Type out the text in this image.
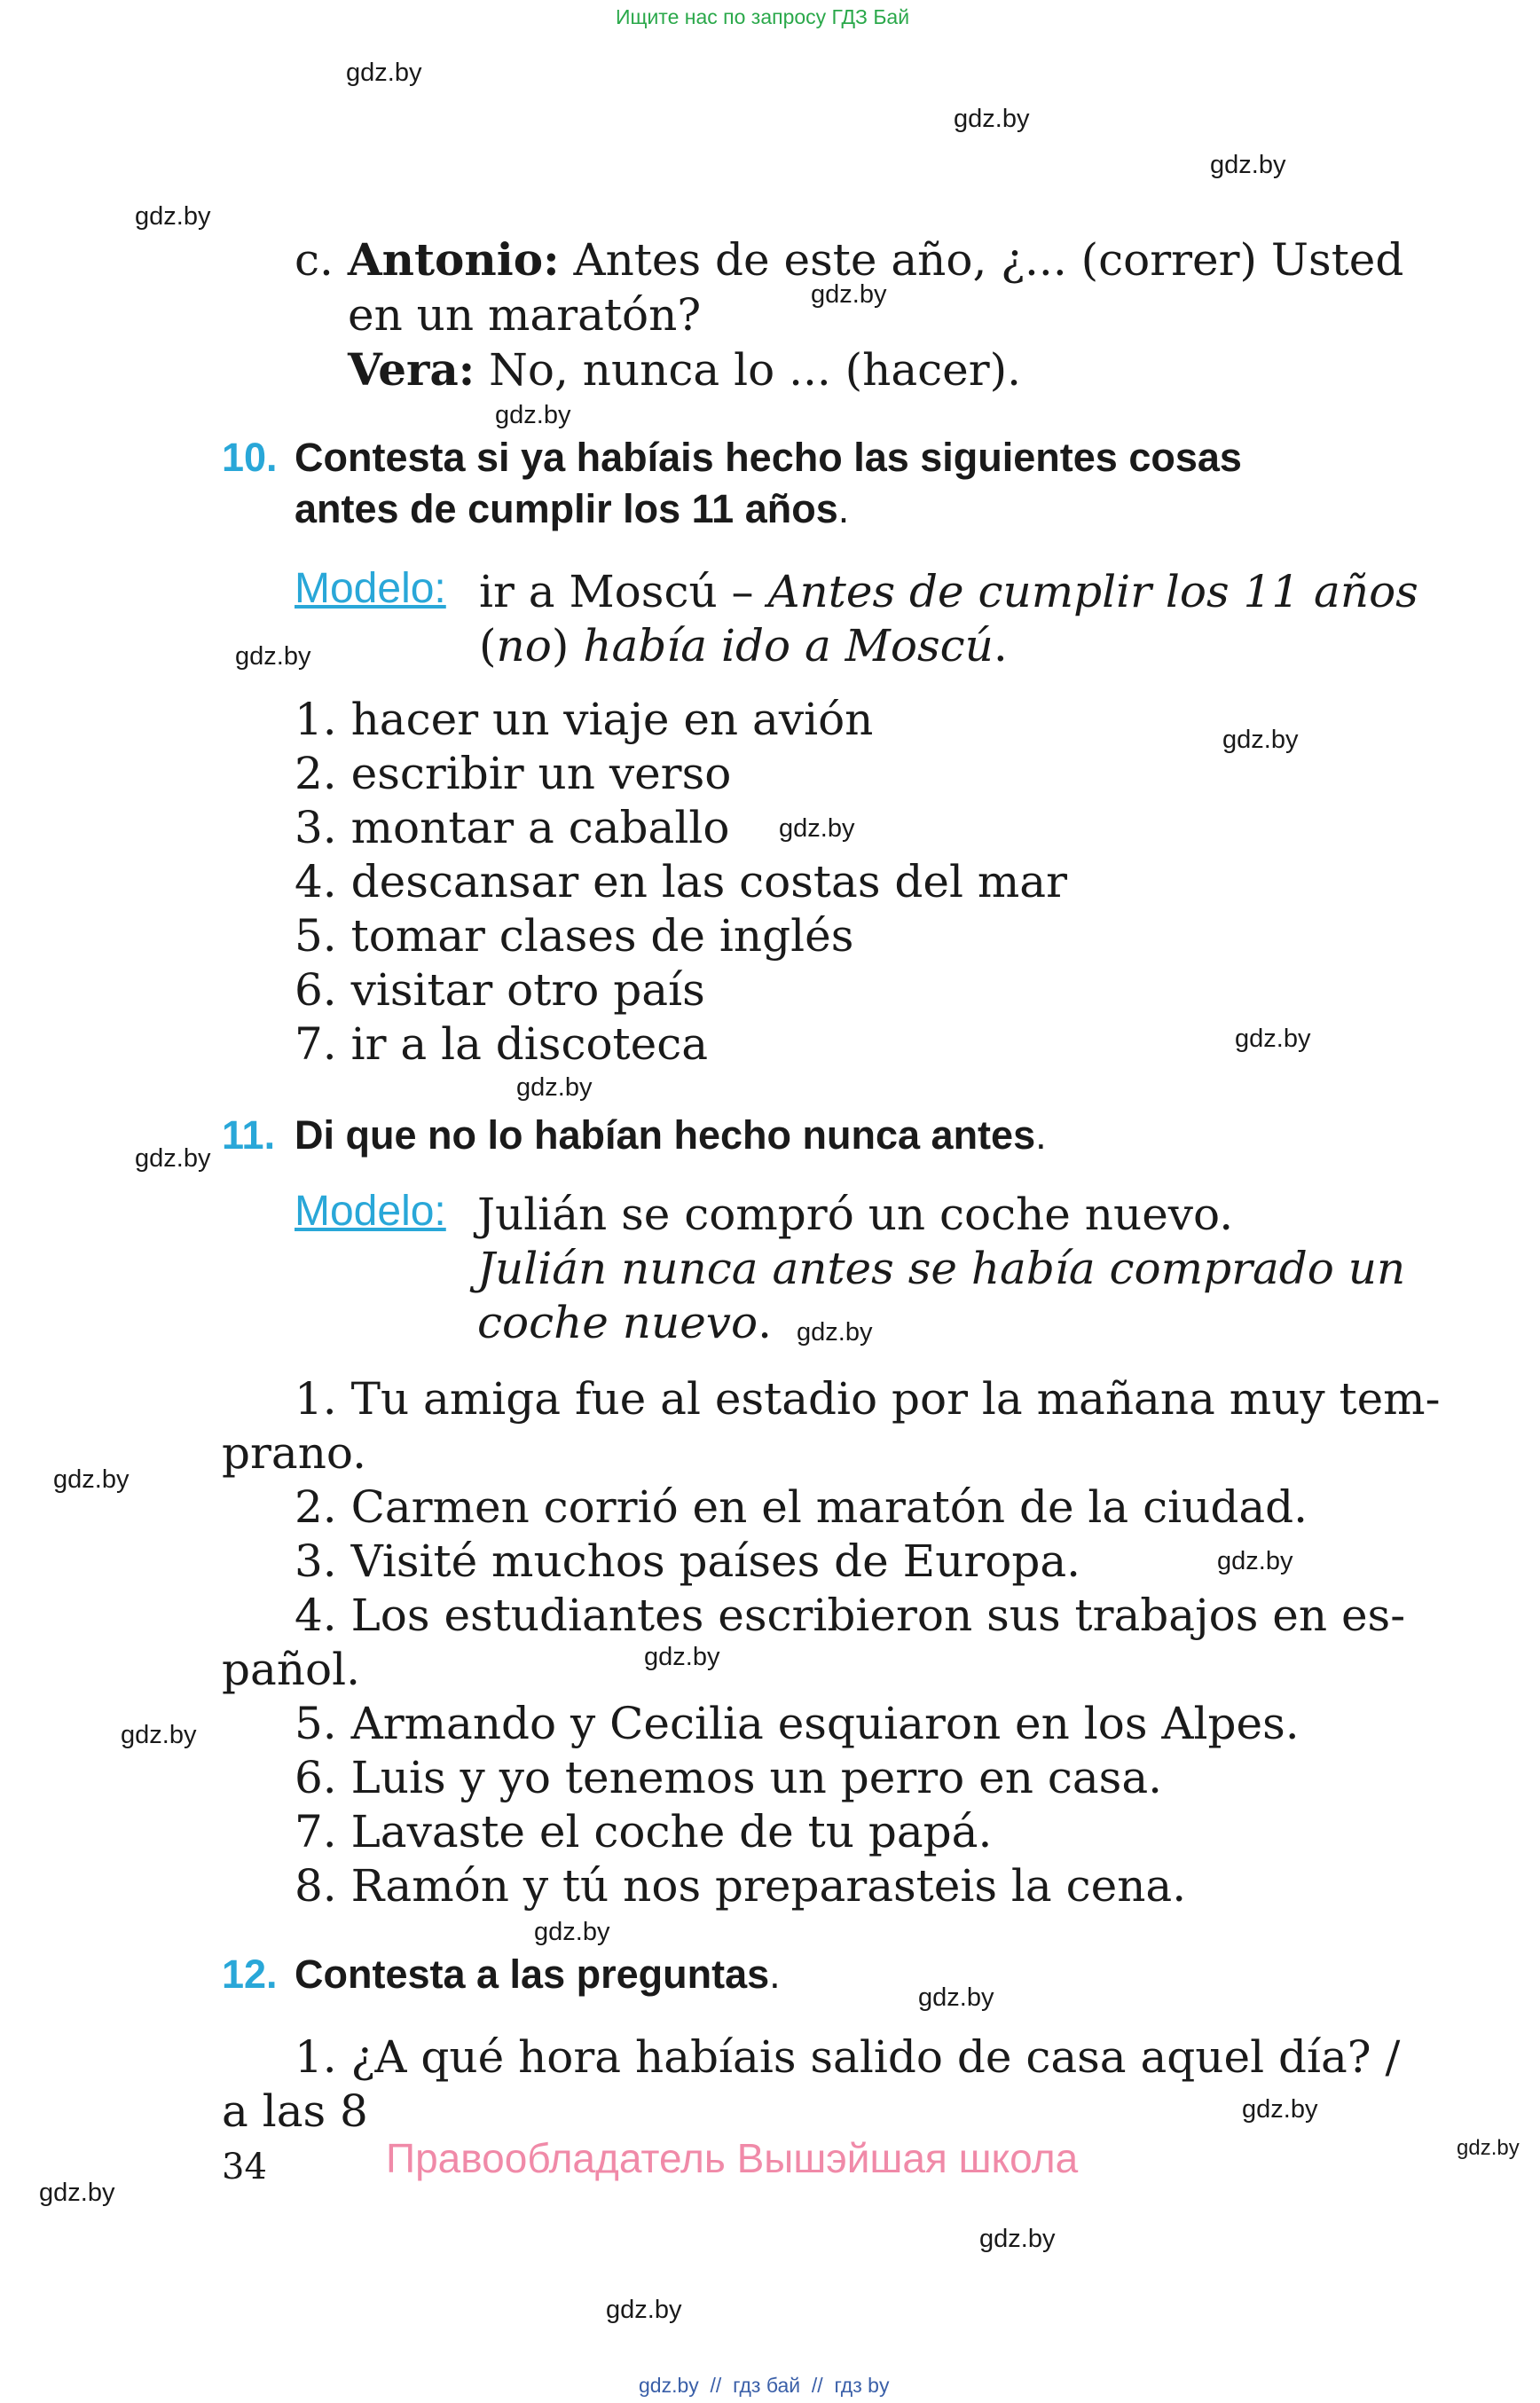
Ищите нас по запросу ГДЗ Бай
gdz.by
gdz.by
gdz.by
gdz.by
gdz.by
gdz.by
gdz.by
gdz.by
gdz.by
gdz.by
gdz.by
gdz.by
gdz.by
gdz.by
gdz.by
gdz.by
gdz.by
gdz.by
gdz.by
gdz.by
gdz.by
gdz.by
gdz.by
gdz.by
c. Antonio: Antes de este año, ¿... (correr) Usted
en un maratón?
Vera: No, nunca lo ... (hacer).
10. Contesta si ya habíais hecho las siguientes cosas
antes de cumplir los 11 años.
Modelo: ir a Moscú – Antes de cumplir los 11 años
(no) había ido a Moscú.
1. hacer un viaje en avión
2. escribir un verso
3. montar a caballo
4. descansar en las costas del mar
5. tomar clases de inglés
6. visitar otro país
7. ir a la discoteca
11. Di que no lo habían hecho nunca antes.
Modelo: Julián se compró un coche nuevo.
Julián nunca antes se había comprado un
coche nuevo.
1. Tu amiga fue al estadio por la mañana muy tem-
prano.
2. Carmen corrió en el maratón de la ciudad.
3. Visité muchos países de Europa.
4. Los estudiantes escribieron sus trabajos en es-
pañol.
5. Armando y Cecilia esquiaron en los Alpes.
6. Luis y yo tenemos un perro en casa.
7. Lavaste el coche de tu papá.
8. Ramón y tú nos preparasteis la cena.
12. Contesta a las preguntas.
1. ¿A qué hora habíais salido de casa aquel día? /
a las 8
34	Правообладатель Вышэйшая школа
gdz.by  //  гдз бай  //  гдз by
